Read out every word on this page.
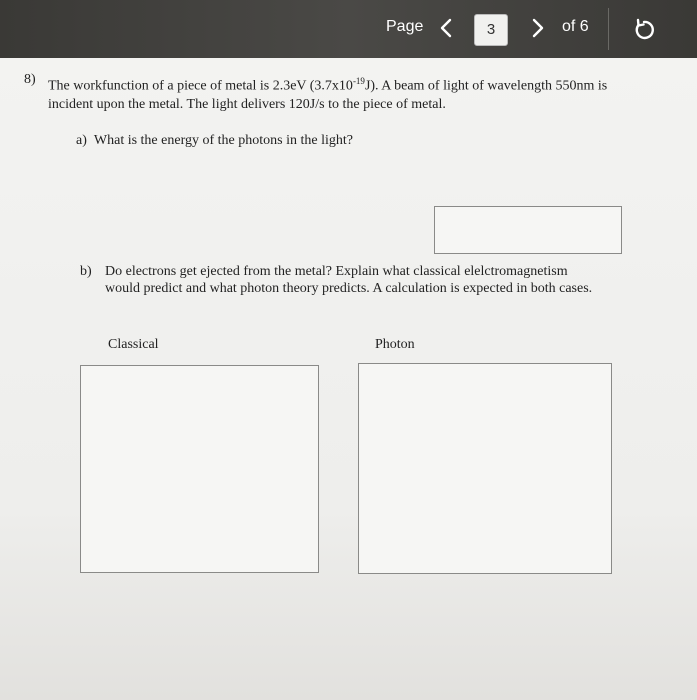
Page	3	of 6
8) The workfunction of a piece of metal is 2.3eV $(3.7x10^{-19}J)$. A beam of light of wavelength 550nm is incident upon the metal. The light delivers 120J/s to the piece of metal.
a) What is the energy of the photons in the light?
b) Do electrons get ejected from the metal? Explain what classical elelctromagnetism would predict and what photon theory predicts. A calculation is expected in both cases.
Classical	Photon
